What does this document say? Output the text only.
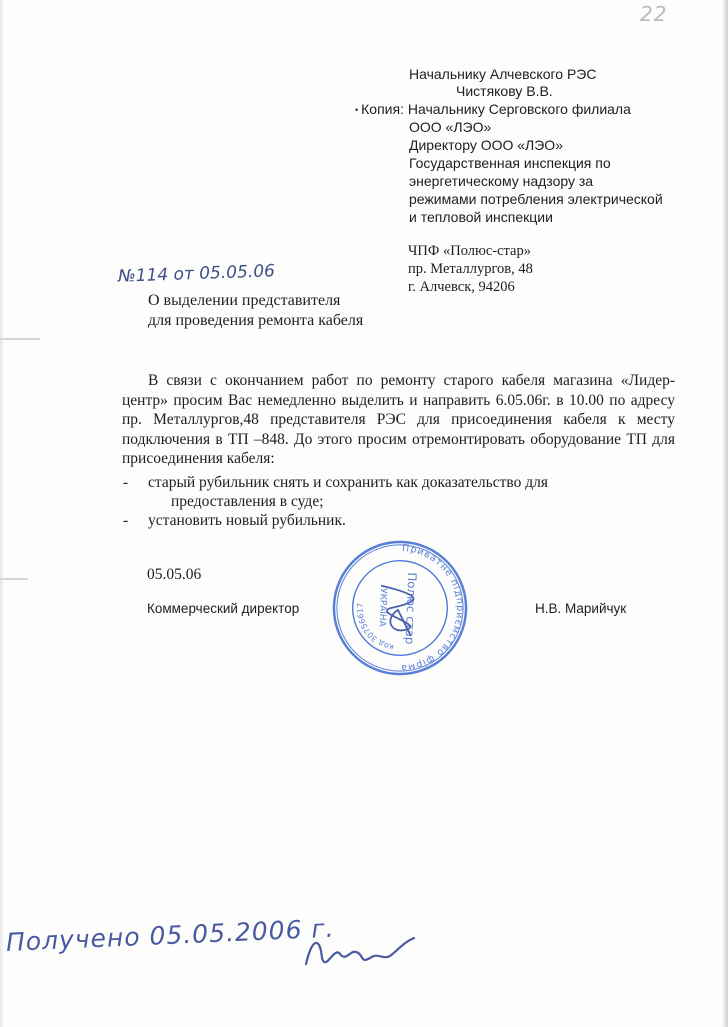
22
Начальнику Алчевского РЭС
Чистякову В.В.
• Копия: Начальнику Серговского филиала
ООО «ЛЭО»
Директору ООО «ЛЭО»
Государственная инспекция по
энергетическому надзору за
режимами потребления электрической
и тепловой инспекции
ЧПФ «Полюс-стар»
пр. Металлургов, 48
г. Алчевск, 94206
№114 от 05.05.06
О выделении представителя
для проведения ремонта кабеля
В связи с окончанием работ по ремонту старого кабеля магазина «Лидер-центр» просим Вас немедленно выделить и направить 6.05.06г. в 10.00 по адресу пр. Металлургов,48 представителя РЭС для присоединения кабеля к месту подключения в ТП –848. До этого просим отремонтировать оборудование ТП для присоединения кабеля:
- старый рубильник снять и сохранить как доказательство для
предоставления в суде;
- установить новый рубильник.
05.05.06
Коммерческий директор	Н.В. Марийчук
Приватне підприємство фірма
код 30756617	Полюс стар
УКРАЇНА
Получено 05.05.2006 г.
